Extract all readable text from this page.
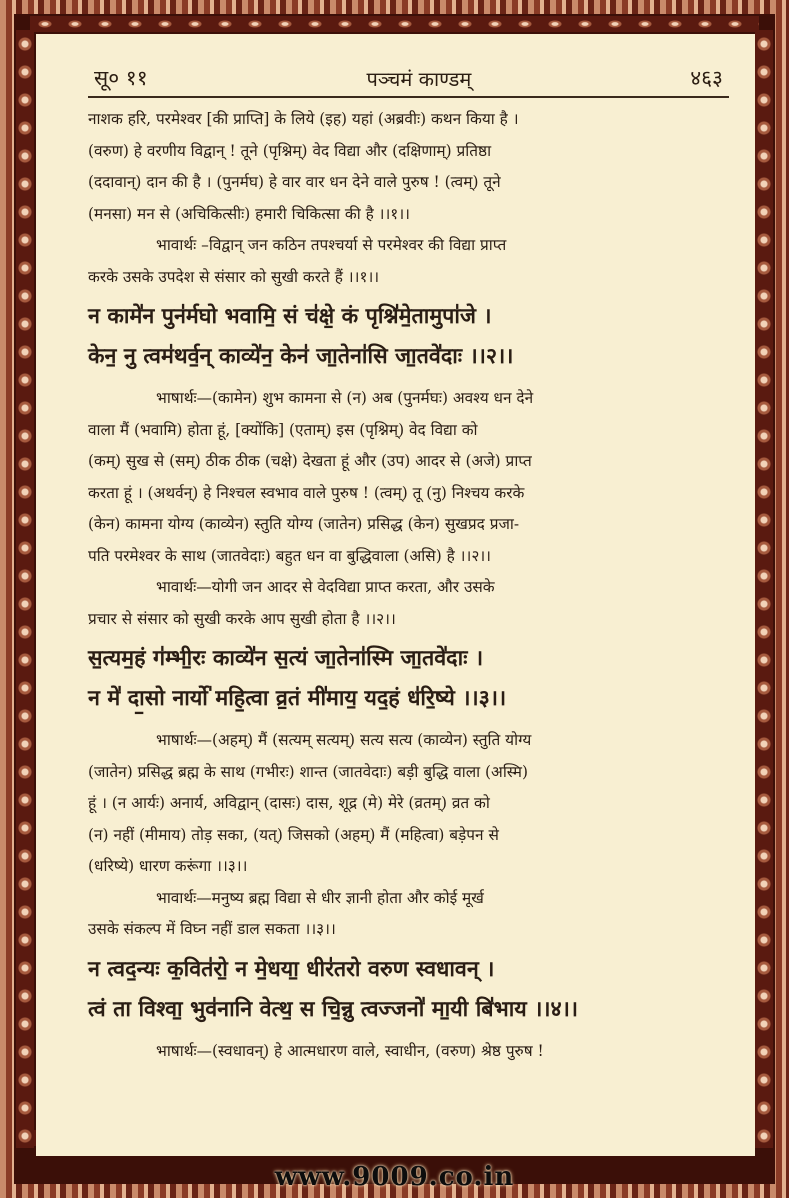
सू० ११	पञ्चमं काण्डम्	४६३

नाशक हरि, परमेश्वर [की प्राप्ति] के लिये (इह) यहां (अब्रवीः) कथन किया है ।

(वरुण) हे वरणीय विद्वान् ! तूने (पृश्निम्) वेद विद्या और (दक्षिणाम्) प्रतिष्ठा

(ददावान्) दान की है । (पुनर्मघ) हे वार वार धन देने वाले पुरुष ! (त्वम्) तूने

(मनसा) मन से (अचिकित्सीः) हमारी चिकित्सा की है ।।१।।

भावार्थः –विद्वान् जन कठिन तपश्चर्या से परमेश्वर की विद्या प्राप्त

करके उसके उपदेश से संसार को सुखी करते हैं ।।१।।

न कामे॑न पुन॑र्मघो भवामि॒ सं च॑क्षे॒ कं पृश्नि॑मे॒तामुपा॑जे ।

केन॒ नु त्वम॑थर्व॒न् काव्ये॑न॒ केन॑ जा॒तेना॑सि जा॒तवे॑दाः ।।२।।

भाषार्थः—(कामेन) शुभ कामना से (न) अब (पुनर्मघः) अवश्य धन देने

वाला मैं (भवामि) होता हूं, [क्योंकि] (एताम्) इस (पृश्निम्) वेद विद्या को

(कम्) सुख से (सम्) ठीक ठीक (चक्षे) देखता हूं और (उप) आदर से (अजे) प्राप्त

करता हूं । (अथर्वन्) हे निश्चल स्वभाव वाले पुरुष ! (त्वम्) तू (नु) निश्चय करके

(केन) कामना योग्य (काव्येन) स्तुति योग्य (जातेन) प्रसिद्ध (केन) सुखप्रद प्रजा-

पति परमेश्वर के साथ (जातवेदाः) बहुत धन वा बुद्धिवाला (असि) है ।।२।।

भावार्थः—योगी जन आदर से वेदविद्या प्राप्त करता, और उसके

प्रचार से संसार को सुखी करके आप सुखी होता है ।।२।।

स॒त्यम॒हं ग॑म्भी॒रः काव्ये॑न स॒त्यं जा॒तेना॑स्मि जा॒तवे॑दाः ।

न मे॑ दा॒सो नार्यो॑ महि॒त्वा व्र॒तं मी॑माय॒ यद॒हं ध॑रि॒ष्ये ।।३।।

भाषार्थः—(अहम्) मैं (सत्यम् सत्यम्) सत्य सत्य (काव्येन) स्तुति योग्य

(जातेन) प्रसिद्ध ब्रह्म के साथ (गभीरः) शान्त (जातवेदाः) बड़ी बुद्धि वाला (अस्मि)

हूं । (न आर्यः) अनार्य, अविद्वान् (दासः) दास, शूद्र (मे) मेरे (व्रतम्) व्रत को

(न) नहीं (मीमाय) तोड़ सका, (यत्) जिसको (अहम्) मैं (महित्वा) बड़ेपन से

(धरिष्ये) धारण करूंगा ।।३।।

भावार्थः—मनुष्य ब्रह्म विद्या से धीर ज्ञानी होता और कोई मूर्ख

उसके संकल्प में विघ्न नहीं डाल सकता ।।३।।

न त्वद॒न्यः क॒वित॑रो॒ न मे॒धया॒ धीर॑तरो वरुण स्वधावन् ।

त्वं ता विश्वा॒ भुव॑नानि वेत्थ॒ स चि॒न्नु त्वज्जनो॑ मा॒यी बि॑भाय ।।४।।

भाषार्थः—(स्वधावन्) हे आत्मधारण वाले, स्वाधीन, (वरुण) श्रेष्ठ पुरुष !

www.9009.co.in
